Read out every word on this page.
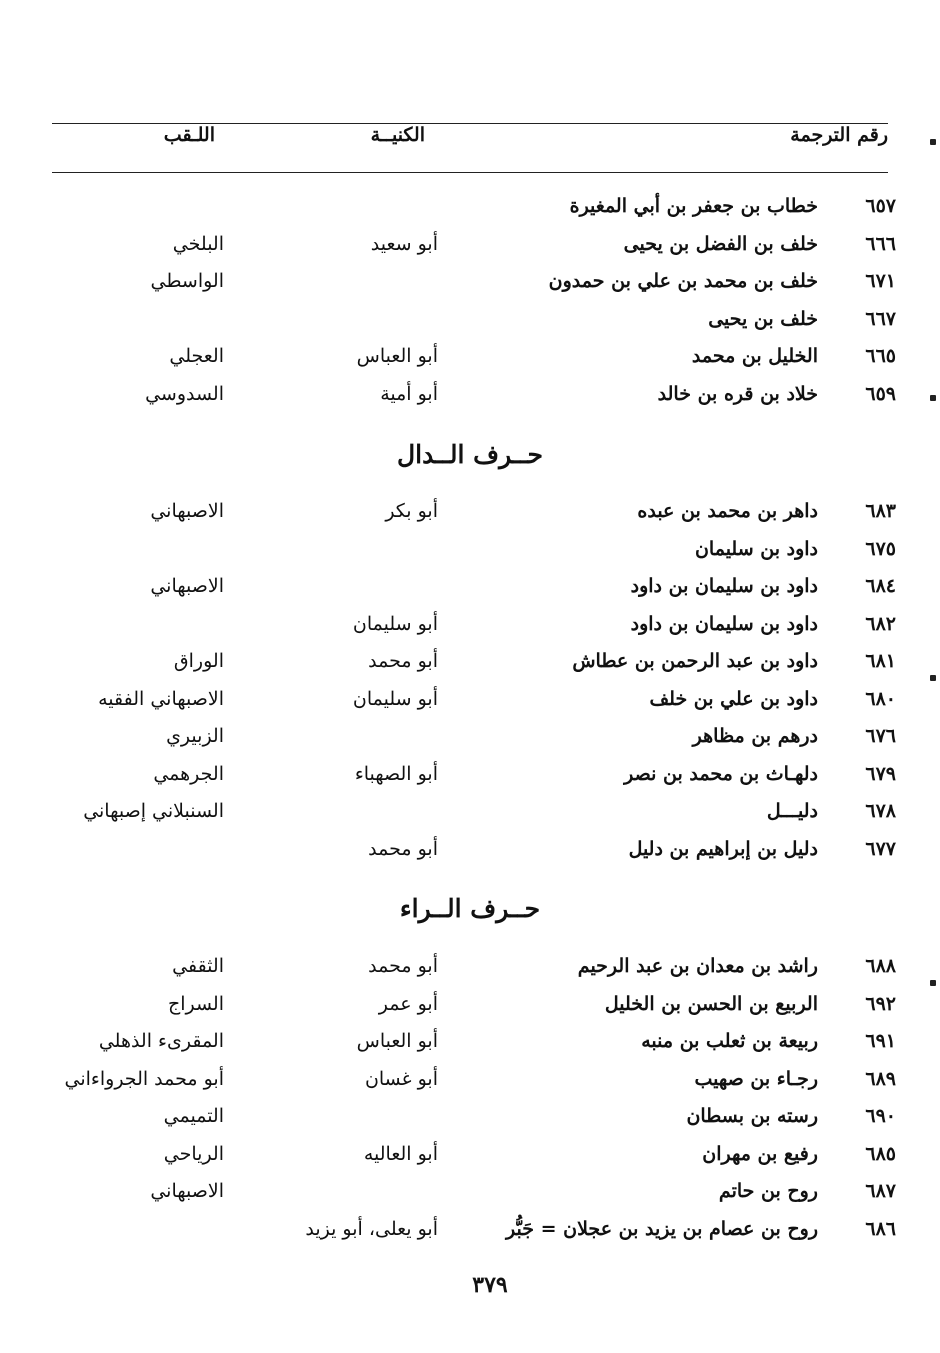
رقم الترجمة
الكنيــة
اللـقب
٦٥٧
خطاب بن جعفر بن أبي المغيرة
٦٦٦
خلف بن الفضل بن يحيى
أبو سعيد
البلخي
٦٧١
خلف بن محمد بن علي بن حمدون
الواسطي
٦٦٧
خلف بن يحيى
٦٦٥
الخليل بن محمد
أبو العباس
العجلي
٦٥٩
خلاد بن قره بن خالد
أبو أمية
السدوسي
حــرف الــدال
٦٨٣
داهر بن محمد بن عبده
أبو بكر
الاصبهاني
٦٧٥
داود بن سليمان
٦٨٤
داود بن سليمان بن داود
الاصبهاني
٦٨٢
داود بن سليمان بن داود
أبو سليمان
٦٨١
داود بن عبد الرحمن بن عطاش
أبو محمد
الوراق
٦٨٠
داود بن علي بن خلف
أبو سليمان
الاصبهاني الفقيه
٦٧٦
درهم بن مظاهر
الزبيري
٦٧٩
دلهـاث بن محمد بن نصر
أبو الصهباء
الجرهمي
٦٧٨
دليـــل
السنبلاني إصبهاني
٦٧٧
دليل بن إبراهيم بن دليل
أبو محمد
حــرف الــراء
٦٨٨
راشد بن معدان بن عبد الرحيم
أبو محمد
الثقفي
٦٩٢
الربيع بن الحسن بن الخليل
أبو عمر
السراج
٦٩١
ربيعة بن ثعلب بن منبه
أبو العباس
المقرىء الذهلي
٦٨٩
رجـاء بن صهيب
أبو غسان
أبو محمد الجرواءاني
٦٩٠
رسته بن بسطان
التميمي
٦٨٥
رفيع بن مهران
أبو العاليه
الرياحي
٦٨٧
روح بن حاتم
الاصبهاني
٦٨٦
روح بن عصام بن يزيد بن عجلان = جَبُّر
أبو يعلى، أبو يزيد
٣٧٩
